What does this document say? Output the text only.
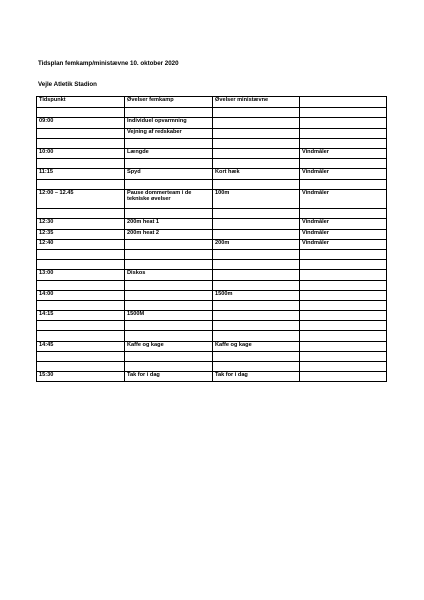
Tidsplan femkamp/ministævne 10. oktober 2020

Vejle Atletik Stadion

Tidspunkt	Øvelser femkamp	Øvelser ministævne	

09:00	Individuel opvarmning		
	Vejning af redskaber		

10:00	Længde		Vindmåler

11:15	Spyd	Kort hæk	Vindmåler

12:00 – 12.45	Pause dommerteam i de tekniske øvelser	100m	Vindmåler

12:30	200m heat 1		Vindmåler
12:35	200m heat 2		Vindmåler
12:40		200m	Vindmåler

13:00	Diskos		

14:00		1500m	

14:15	1500M		

14:45	Kaffe og kage	Kaffe og kage	

15:30	Tak for i dag	Tak for i dag	
